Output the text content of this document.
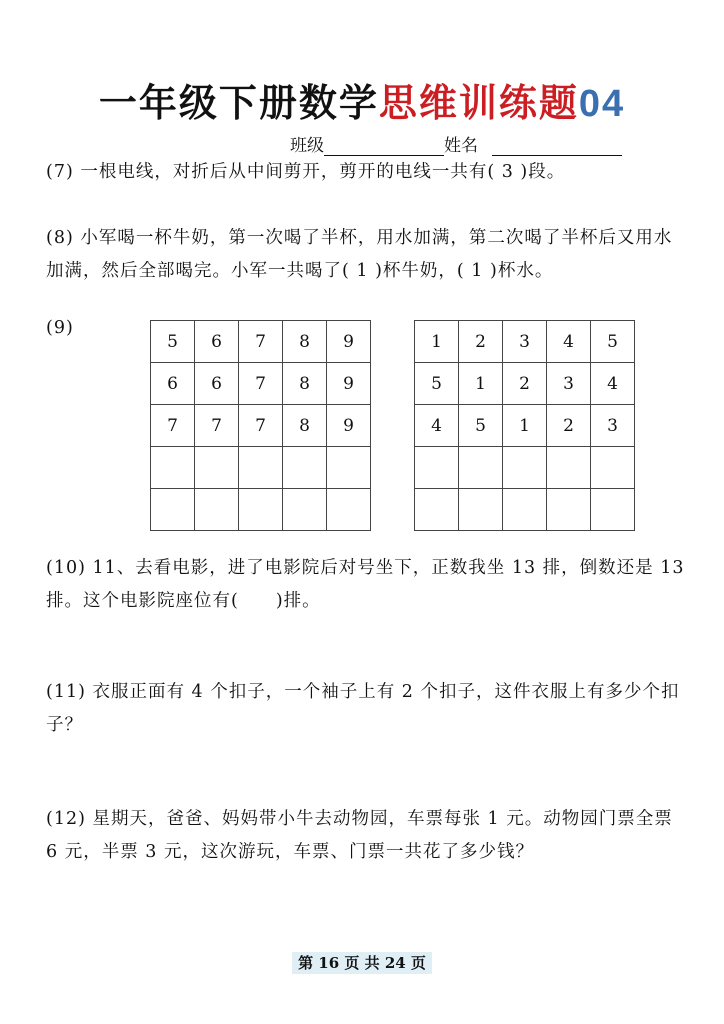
一年级下册数学思维训练题04
班级	姓名
(7) 一根电线，对折后从中间剪开，剪开的电线一共有( 3 )段。
(8) 小军喝一杯牛奶，第一次喝了半杯，用水加满，第二次喝了半杯后又用水加满，然后全部喝完。小军一共喝了( 1 )杯牛奶，( 1 )杯水。
(9)
5	6	7	8	9
6	6	7	8	9
7	7	7	8	9

1	2	3	4	5
5	1	2	3	4
4	5	1	2	3

(10) 11、去看电影，进了电影院后对号坐下，正数我坐 13 排，倒数还是 13 排。这个电影院座位有(　　)排。
(11) 衣服正面有 4 个扣子，一个袖子上有 2 个扣子，这件衣服上有多少个扣子？
(12) 星期天，爸爸、妈妈带小牛去动物园，车票每张 1 元。动物园门票全票 6 元，半票 3 元，这次游玩，车票、门票一共花了多少钱？
第 16 页 共 24 页
